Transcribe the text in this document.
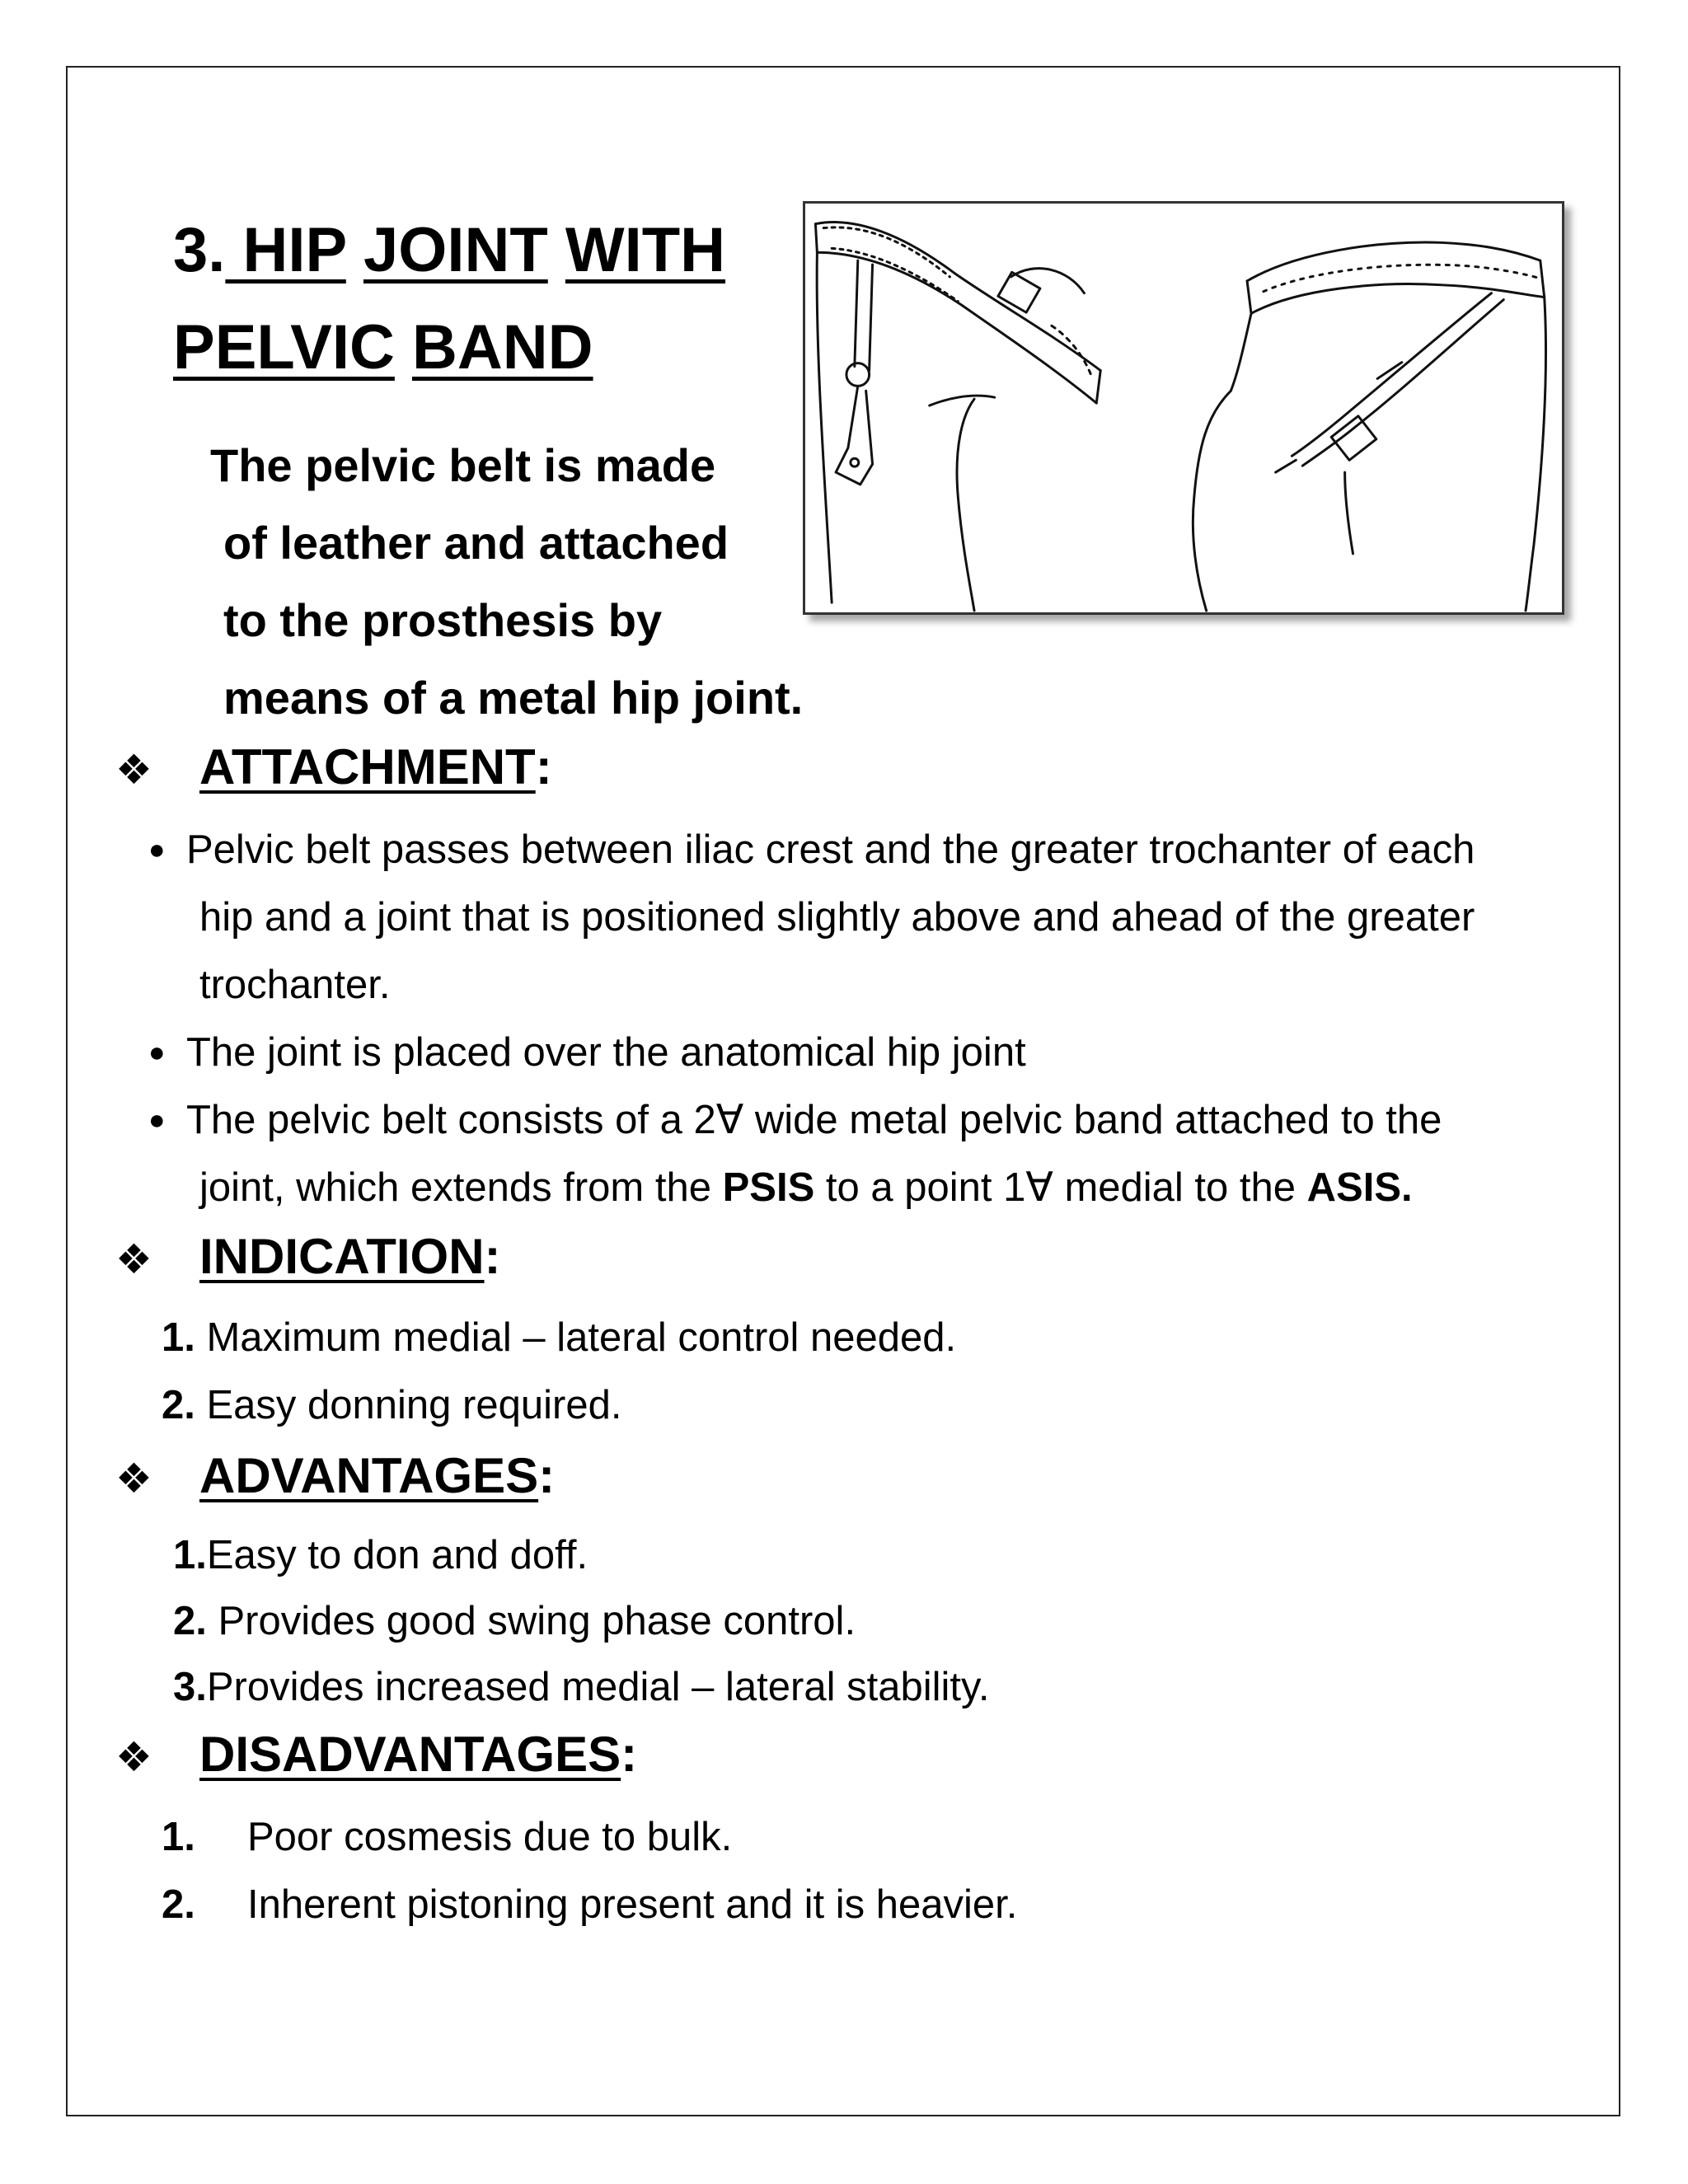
3. HIP JOINT WITH
PELVIC BAND

The pelvic belt is made
of leather and attached
to the prosthesis by
means of a metal hip joint.

❖ ATTACHMENT :
● Pelvic belt passes between iliac crest and the greater trochanter of each
hip and a joint that is positioned slightly above and ahead of the greater
trochanter.
● The joint is placed over the anatomical hip joint
● The pelvic belt consists of a 2∀ wide metal pelvic band attached to the
joint, which extends from the PSIS to a point 1∀ medial to the ASIS.
❖ INDICATION :

1. Maximum medial – lateral control needed.

2. Easy donning required.

❖ ADVANTAGES :

1.Easy to don and doff.

2. Provides good swing phase control.

3.Provides increased medial – lateral stability.

❖ DISADVANTAGES :

1. Poor cosmesis due to bulk.

2. Inherent pistoning present and it is heavier.
